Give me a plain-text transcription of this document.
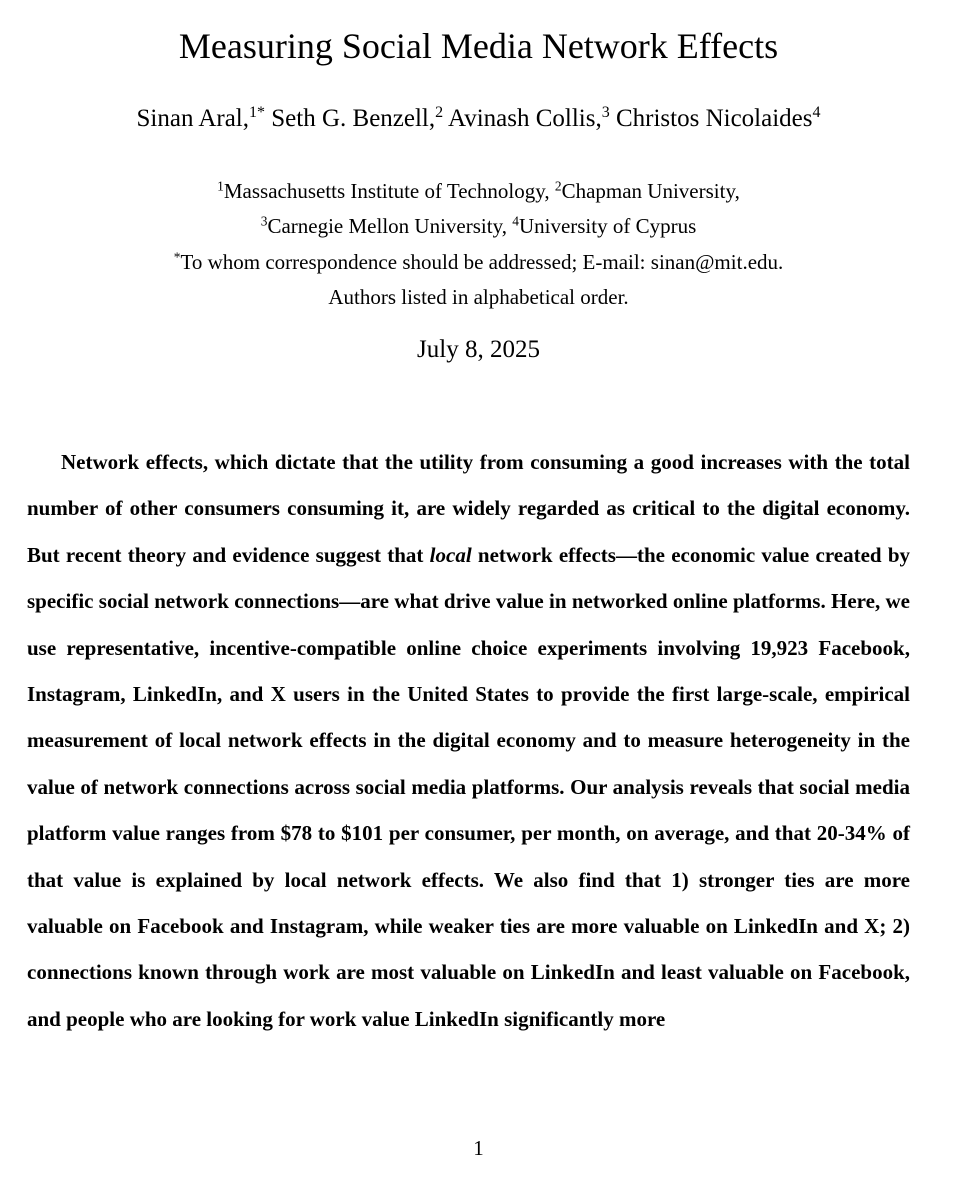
Measuring Social Media Network Effects
Sinan Aral,$^{1*}$ Seth G. Benzell,$^2$ Avinash Collis,$^3$ Christos Nicolaides$^4$
$^1$Massachusetts Institute of Technology, $^2$Chapman University,
$^3$Carnegie Mellon University, $^4$University of Cyprus
*To whom correspondence should be addressed; E-mail: sinan@mit.edu.
Authors listed in alphabetical order.
July 8, 2025

Network effects, which dictate that the utility from consuming a good increases with the total number of other consumers consuming it, are widely regarded as critical to the digital economy. But recent theory and evidence suggest that local network effects—the economic value created by specific social network connections—are what drive value in networked online platforms. Here, we use representative, incentive-compatible online choice experiments involving 19,923 Facebook, Instagram, LinkedIn, and X users in the United States to provide the first large-scale, empirical measurement of local network effects in the digital economy and to measure heterogeneity in the value of network connections across social media platforms. Our analysis reveals that social media platform value ranges from $78 to $101 per consumer, per month, on average, and that 20-34% of that value is explained by local network effects. We also find that 1) stronger ties are more valuable on Facebook and Instagram, while weaker ties are more valuable on LinkedIn and X; 2) connections known through work are most valuable on LinkedIn and least valuable on Facebook, and people who are looking for work value LinkedIn significantly more

1
